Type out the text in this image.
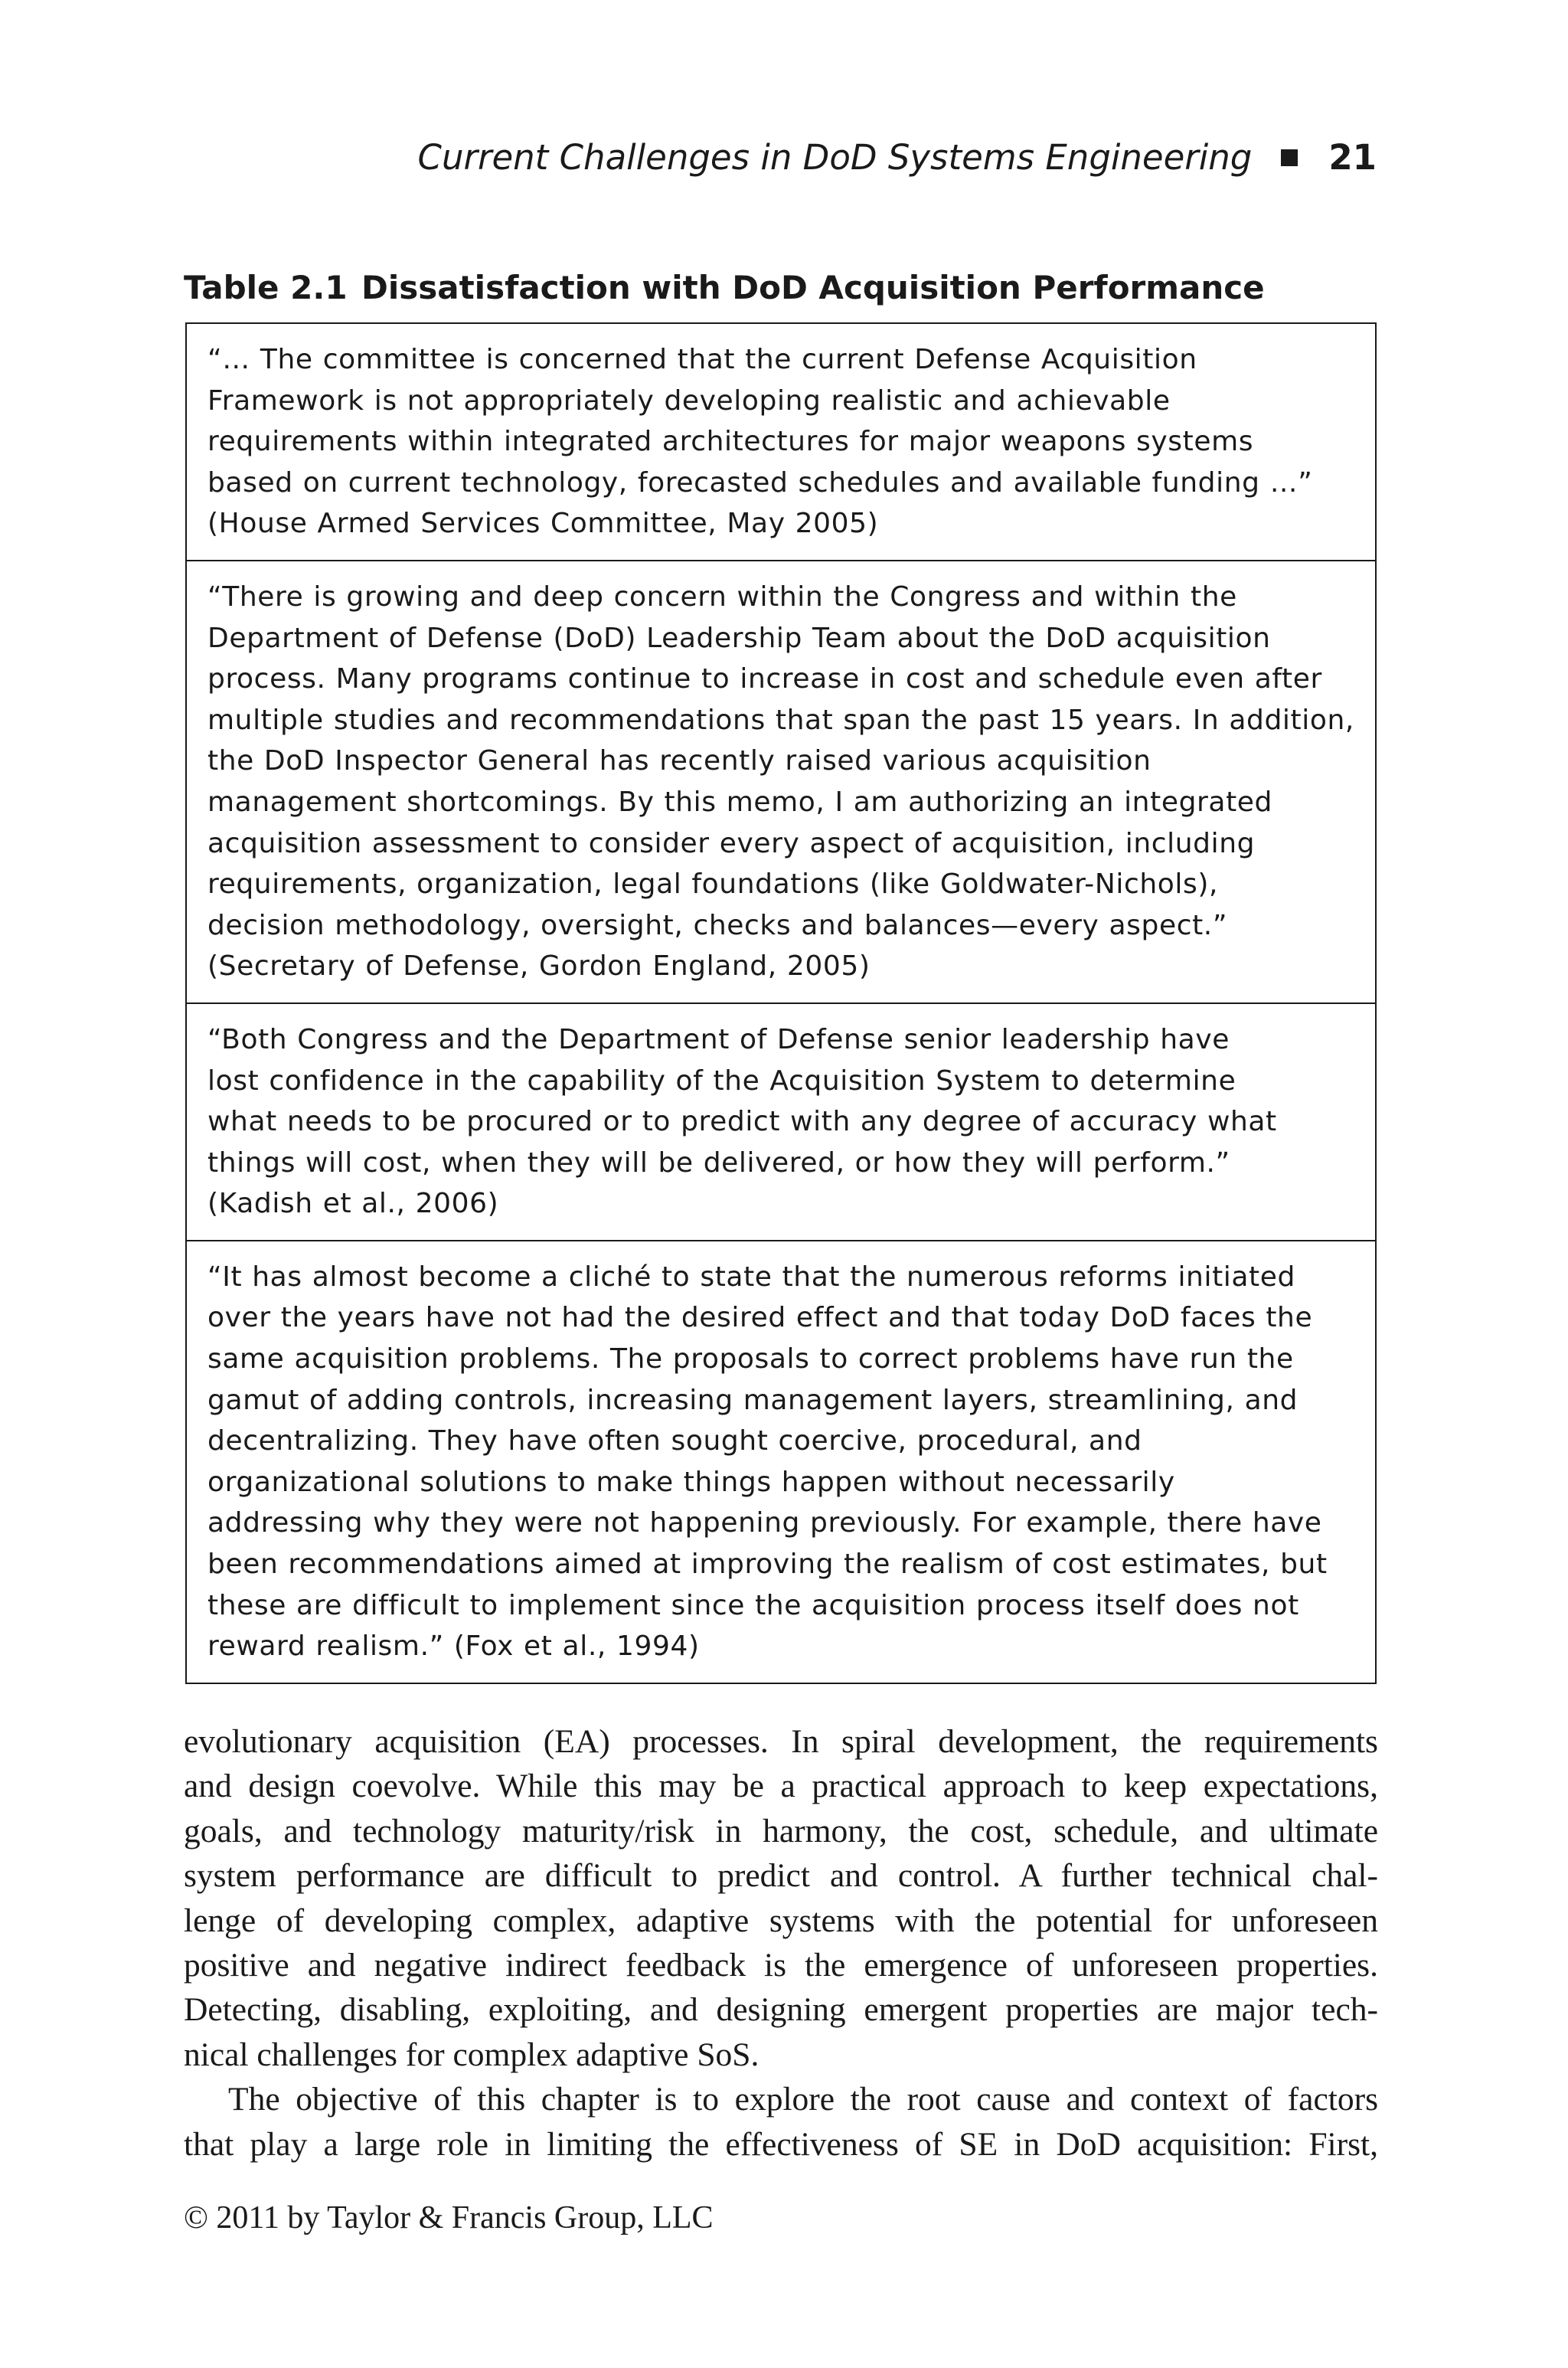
Current Challenges in DoD Systems Engineering 21
Table 2.1 Dissatisfaction with DoD Acquisition Performance
“… The committee is concerned that the current Defense Acquisition
Framework is not appropriately developing realistic and achievable
requirements within integrated architectures for major weapons systems
based on current technology, forecasted schedules and available funding …”
(House Armed Services Committee, May 2005)
“There is growing and deep concern within the Congress and within the
Department of Defense (DoD) Leadership Team about the DoD acquisition
process. Many programs continue to increase in cost and schedule even after
multiple studies and recommendations that span the past 15 years. In addition,
the DoD Inspector General has recently raised various acquisition
management shortcomings. By this memo, I am authorizing an integrated
acquisition assessment to consider every aspect of acquisition, including
requirements, organization, legal foundations (like Goldwater-Nichols),
decision methodology, oversight, checks and balances—every aspect.”
(Secretary of Defense, Gordon England, 2005)
“Both Congress and the Department of Defense senior leadership have
lost confidence in the capability of the Acquisition System to determine
what needs to be procured or to predict with any degree of accuracy what
things will cost, when they will be delivered, or how they will perform.”
(Kadish et al., 2006)
“It has almost become a cliché to state that the numerous reforms initiated
over the years have not had the desired effect and that today DoD faces the
same acquisition problems. The proposals to correct problems have run the
gamut of adding controls, increasing management layers, streamlining, and
decentralizing. They have often sought coercive, procedural, and
organizational solutions to make things happen without necessarily
addressing why they were not happening previously. For example, there have
been recommendations aimed at improving the realism of cost estimates, but
these are difficult to implement since the acquisition process itself does not
reward realism.” (Fox et al., 1994)
evolutionary acquisition (EA) processes. In spiral development, the requirements
and design coevolve. While this may be a practical approach to keep expectations,
goals, and technology maturity/risk in harmony, the cost, schedule, and ultimate
system performance are difficult to predict and control. A further technical chal-
lenge of developing complex, adaptive systems with the potential for unforeseen
positive and negative indirect feedback is the emergence of unforeseen properties.
Detecting, disabling, exploiting, and designing emergent properties are major tech-
nical challenges for complex adaptive SoS.
The objective of this chapter is to explore the root cause and context of factors
that play a large role in limiting the effectiveness of SE in DoD acquisition: First,
© 2011 by Taylor & Francis Group, LLC
